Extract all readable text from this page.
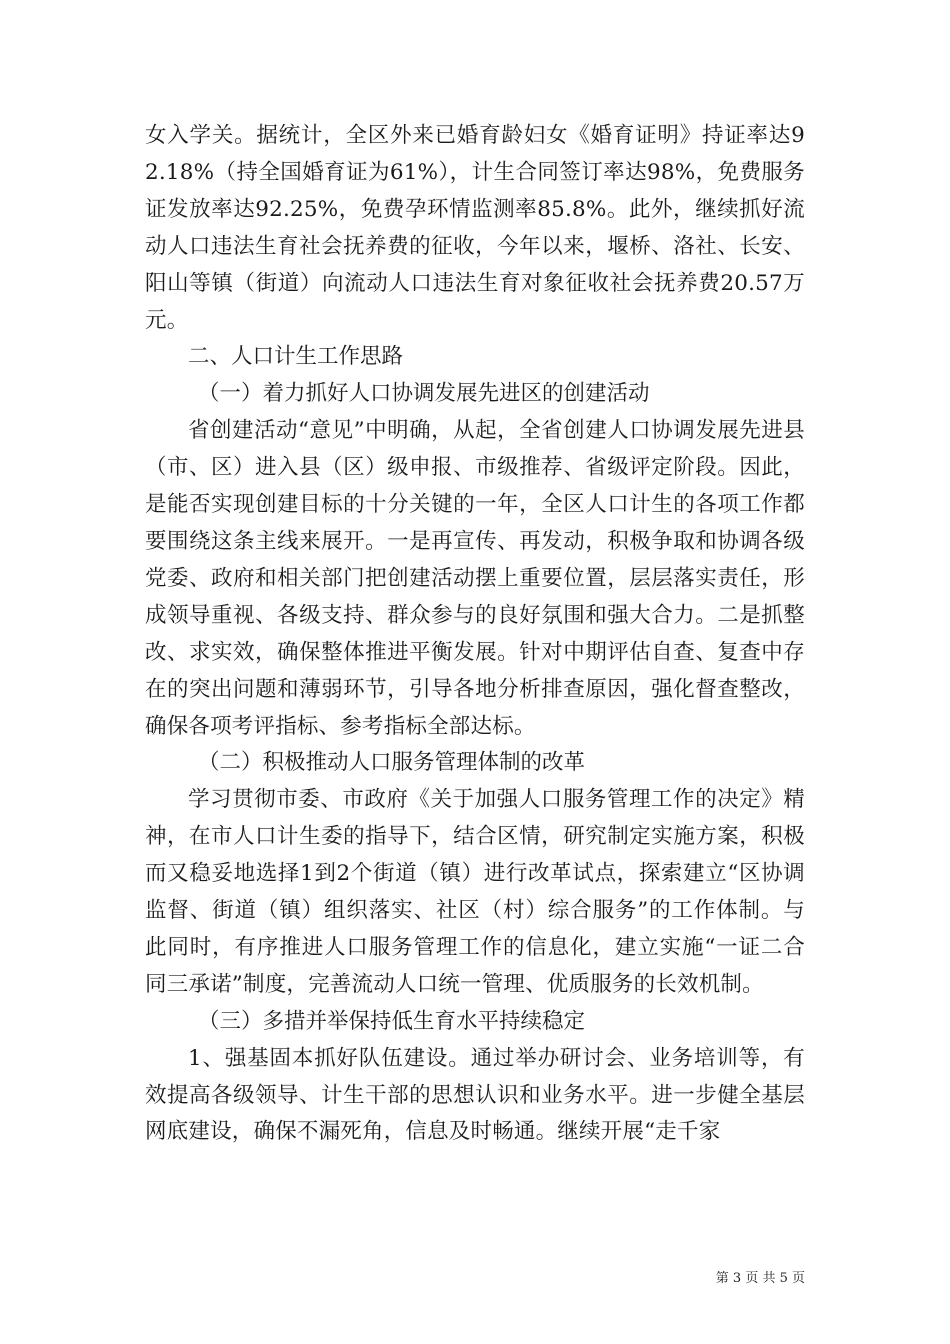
女入学关。据统计，全区外来已婚育龄妇女《婚育证明》持证率达92.18%（持全国婚育证为61%），计生合同签订率达98%，免费服务证发放率达92.25%，免费孕环情监测率85.8%。此外，继续抓好流动人口违法生育社会抚养费的征收，今年以来，堰桥、洛社、长安、阳山等镇（街道）向流动人口违法生育对象征收社会抚养费20.57万元。

二、人口计生工作思路

（一）着力抓好人口协调发展先进区的创建活动

省创建活动“意见”中明确，从起，全省创建人口协调发展先进县（市、区）进入县（区）级申报、市级推荐、省级评定阶段。因此，是能否实现创建目标的十分关键的一年，全区人口计生的各项工作都要围绕这条主线来展开。一是再宣传、再发动，积极争取和协调各级党委、政府和相关部门把创建活动摆上重要位置，层层落实责任，形成领导重视、各级支持、群众参与的良好氛围和强大合力。二是抓整改、求实效，确保整体推进平衡发展。针对中期评估自查、复查中存在的突出问题和薄弱环节，引导各地分析排查原因，强化督查整改，确保各项考评指标、参考指标全部达标。

（二）积极推动人口服务管理体制的改革

学习贯彻市委、市政府《关于加强人口服务管理工作的决定》精神，在市人口计生委的指导下，结合区情，研究制定实施方案，积极而又稳妥地选择1到2个街道（镇）进行改革试点，探索建立“区协调监督、街道（镇）组织落实、社区（村）综合服务”的工作体制。与此同时，有序推进人口服务管理工作的信息化，建立实施“一证二合同三承诺”制度，完善流动人口统一管理、优质服务的长效机制。

（三）多措并举保持低生育水平持续稳定

1、强基固本抓好队伍建设。通过举办研讨会、业务培训等，有效提高各级领导、计生干部的思想认识和业务水平。进一步健全基层网底建设，确保不漏死角，信息及时畅通。继续开展“走千家

第 3 页 共 5 页
